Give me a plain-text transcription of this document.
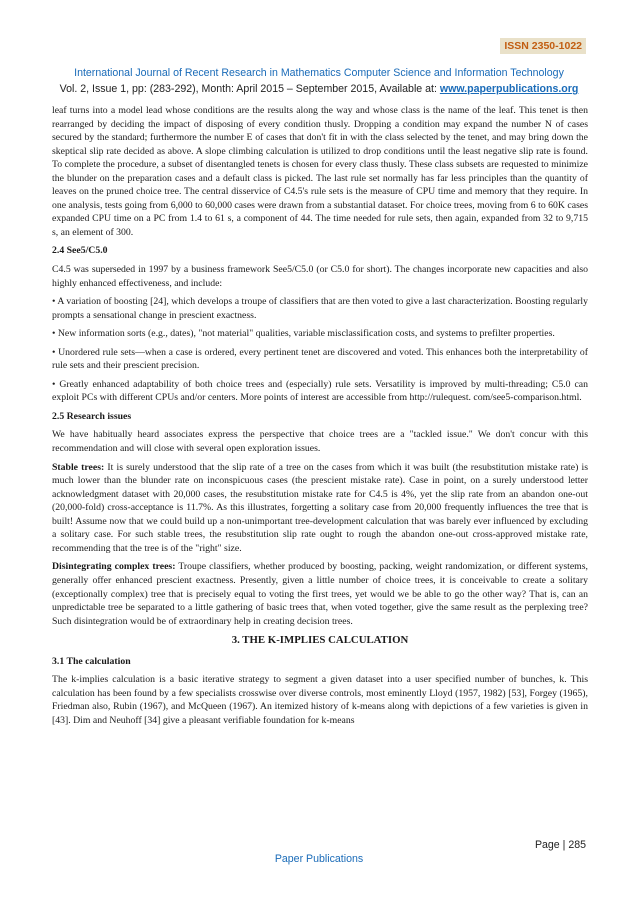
ISSN 2350-1022
International Journal of Recent Research in Mathematics Computer Science and Information Technology
Vol. 2, Issue 1, pp: (283-292), Month: April 2015 – September 2015, Available at: www.paperpublications.org

leaf turns into a model lead whose conditions are the results along the way and whose class is the name of the leaf. This tenet is then rearranged by deciding the impact of disposing of every condition thusly. Dropping a condition may expand the number N of cases secured by the standard; furthermore the number E of cases that don't fit in with the class selected by the tenet, and may bring down the skeptical slip rate decided as above. A slope climbing calculation is utilized to drop conditions until the least negative slip rate is found. To complete the procedure, a subset of disentangled tenets is chosen for every class thusly. These class subsets are requested to minimize the blunder on the preparation cases and a default class is picked. The last rule set normally has far less principles than the quantity of leaves on the pruned choice tree. The central disservice of C4.5's rule sets is the measure of CPU time and memory that they require. In one analysis, tests going from 6,000 to 60,000 cases were drawn from a substantial dataset. For choice trees, moving from 6 to 60K cases expanded CPU time on a PC from 1.4 to 61 s, a component of 44. The time needed for rule sets, then again, expanded from 32 to 9,715 s, an element of 300.

2.4 See5/C5.0

C4.5 was superseded in 1997 by a business framework See5/C5.0 (or C5.0 for short). The changes incorporate new capacities and also highly enhanced effectiveness, and include:

• A variation of boosting [24], which develops a troupe of classifiers that are then voted to give a last characterization. Boosting regularly prompts a sensational change in prescient exactness.

• New information sorts (e.g., dates), "not material" qualities, variable misclassification costs, and systems to prefilter properties.

• Unordered rule sets—when a case is ordered, every pertinent tenet are discovered and voted. This enhances both the interpretability of rule sets and their prescient precision.

• Greatly enhanced adaptability of both choice trees and (especially) rule sets. Versatility is improved by multi-threading; C5.0 can exploit PCs with different CPUs and/or centers. More points of interest are accessible from http://rulequest. com/see5-comparison.html.

2.5 Research issues

We have habitually heard associates express the perspective that choice trees are a "tackled issue." We don't concur with this recommendation and will close with several open exploration issues.

Stable trees: It is surely understood that the slip rate of a tree on the cases from which it was built (the resubstitution mistake rate) is much lower than the blunder rate on inconspicuous cases (the prescient mistake rate). Case in point, on a surely understood letter acknowledgment dataset with 20,000 cases, the resubstitution mistake rate for C4.5 is 4%, yet the slip rate from an abandon one-out (20,000-fold) cross-acceptance is 11.7%. As this illustrates, forgetting a solitary case from 20,000 frequently influences the tree that is built! Assume now that we could build up a non-unimportant tree-development calculation that was barely ever influenced by excluding a solitary case. For such stable trees, the resubstitution slip rate ought to rough the abandon one-out cross-approved mistake rate, recommending that the tree is of the "right" size.

Disintegrating complex trees: Troupe classifiers, whether produced by boosting, packing, weight randomization, or different systems, generally offer enhanced prescient exactness. Presently, given a little number of choice trees, it is conceivable to create a solitary (exceptionally complex) tree that is precisely equal to voting the first trees, yet would we be able to go the other way? That is, can an unpredictable tree be separated to a little gathering of basic trees that, when voted together, give the same result as the perplexing tree? Such disintegration would be of extraordinary help in creating decision trees.

3. THE K-IMPLIES CALCULATION
3.1 The calculation

The k-implies calculation is a basic iterative strategy to segment a given dataset into a user specified number of bunches, k. This calculation has been found by a few specialists crosswise over diverse controls, most eminently Lloyd (1957, 1982) [53], Forgey (1965), Friedman also, Rubin (1967), and McQueen (1967). An itemized history of k-means along with depictions of a few varieties is given in [43]. Dim and Neuhoff [34] give a pleasant verifiable foundation for k-means

Page | 285
Paper Publications
